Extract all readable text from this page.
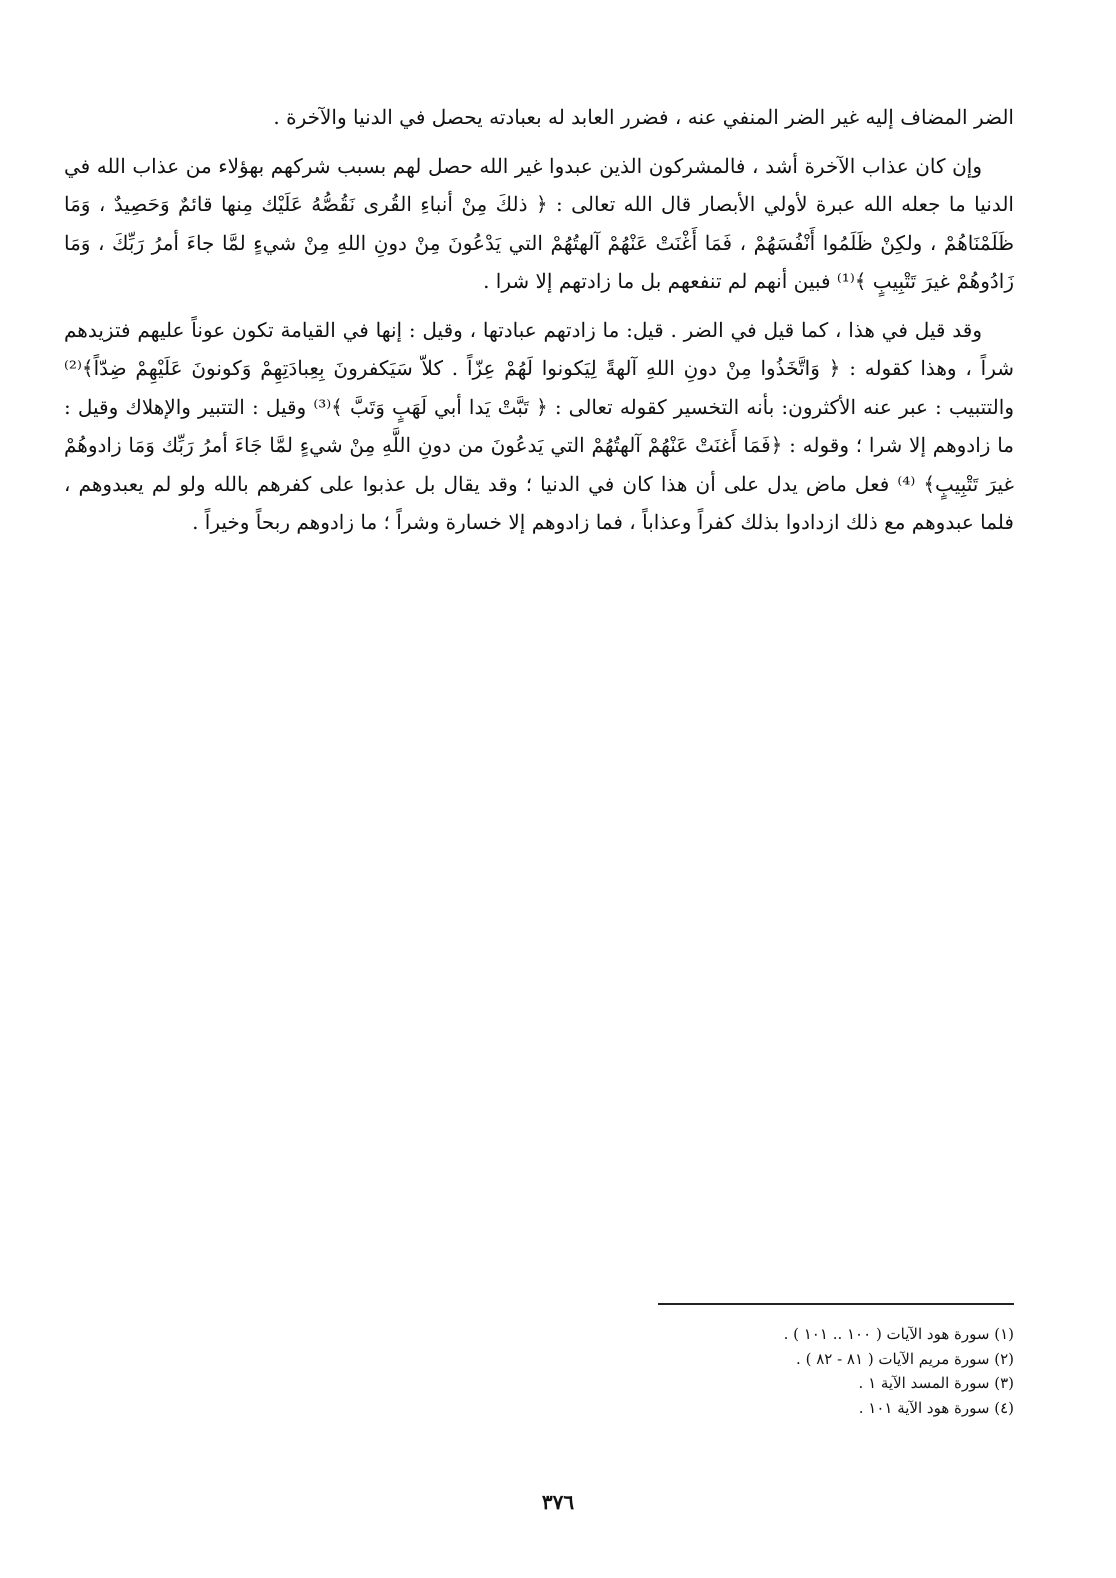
الضر المضاف إليه غير الضر المنفي عنه ، فضرر العابد له بعبادته يحصل في الدنيا والآخرة .

وإن كان عذاب الآخرة أشد ، فالمشركون الذين عبدوا غير الله حصل لهم بسبب شركهم بهؤلاء من عذاب الله في الدنيا ما جعله الله عبرة لأولي الأبصار قال الله تعالى : ﴿ ذلكَ مِنْ أنباءِ القُرى نَقُصُّهُ عَلَيْك مِنها قائمٌ وَحَصِيدٌ ، وَمَا ظَلَمْنَاهُمْ ، ولكِنْ ظَلَمُوا أَنْفُسَهُمْ ، فَمَا أَغْنَتْ عَنْهُمْ آلهتُهُمْ التي يَدْعُونَ مِنْ دونِ اللهِ مِنْ شيءٍ لمَّا جاءَ أمرُ رَبِّكَ ، وَمَا زَادُوهُمْ غيرَ تَتْبِيبٍ ﴾⁽¹⁾ فبين أنهم لم تنفعهم بل ما زادتهم إلا شرا .

وقد قيل في هذا ، كما قيل في الضر . قيل: ما زادتهم عبادتها ، وقيل : إنها في القيامة تكون عوناً عليهم فتزيدهم شراً ، وهذا كقوله : ﴿ وَاتَّخَذُوا مِنْ دونِ اللهِ آلهةً لِيَكونوا لَهُمْ عِزّاً . كلاّ سَيَكفرونَ بِعِبادَتِهِمْ وَكونونَ عَلَيْهِمْ ضِدّاً﴾⁽²⁾ والتتبيب : عبر عنه الأكثرون: بأنه التخسير كقوله تعالى : ﴿ تَبَّتْ يَدا أبي لَهَبٍ وَتَبَّ ﴾⁽³⁾ وقيل : التتبير والإهلاك وقيل : ما زادوهم إلا شرا ؛ وقوله : ﴿فَمَا أَغنَتْ عَنْهُمْ آلهتُهُمْ التي يَدعُونَ من دونِ اللَّهِ مِنْ شيءٍ لمَّا جَاءَ أمرُ رَبِّك وَمَا زادوهُمْ غيرَ تَتْبِيبٍ﴾ ⁽⁴⁾ فعل ماض يدل على أن هذا كان في الدنيا ؛ وقد يقال بل عذبوا على كفرهم بالله ولو لم يعبدوهم ، فلما عبدوهم مع ذلك ازدادوا بذلك كفراً وعذاباً ، فما زادوهم إلا خسارة وشراً ؛ ما زادوهم ربحاً وخيراً .

(١) سورة هود الآيات ( ١٠٠ .. ١٠١ ) .

(٢) سورة مريم الآيات ( ٨١ - ٨٢ ) .

(٣) سورة المسد الآية ١ .

(٤) سورة هود الآية ١٠١ .

٣٧٦
